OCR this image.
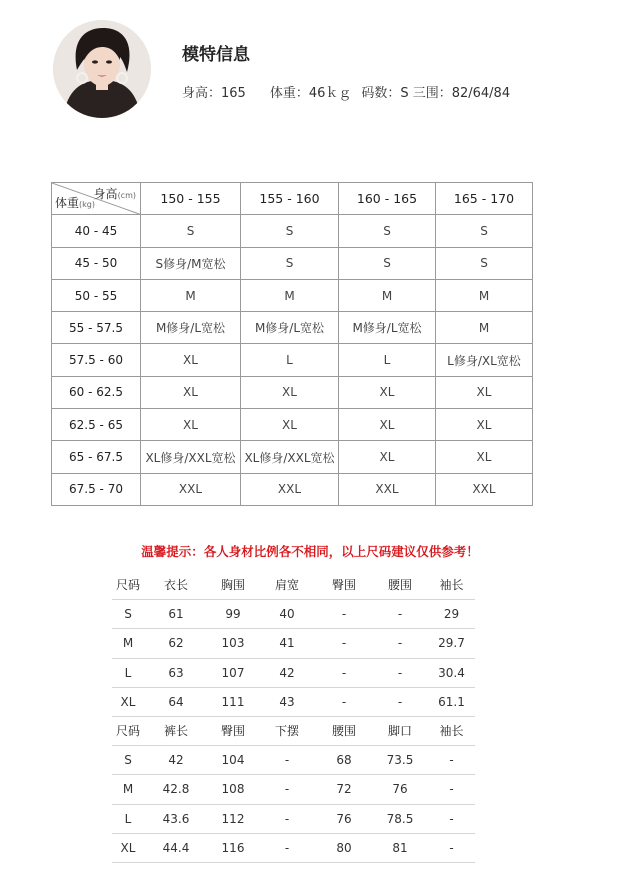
模特信息
身高：165 体重：46ｋｇ 码数：S 三围：82/64/84
身高(cm)
体重(kg)	150 - 155	155 - 160	160 - 165	165 - 170
40 - 45	S	S	S	S
45 - 50	S修身/M宽松	S	S	S
50 - 55	M	M	M	M
55 - 57.5	M修身/L宽松	M修身/L宽松	M修身/L宽松	M
57.5 - 60	XL	L	L	L修身/XL宽松
60 - 62.5	XL	XL	XL	XL
62.5 - 65	XL	XL	XL	XL
65 - 67.5	XL修身/XXL宽松	XL修身/XXL宽松	XL	XL
67.5 - 70	XXL	XXL	XXL	XXL
温馨提示：各人身材比例各不相同，以上尺码建议仅供参考！
尺码	衣长	胸围	肩宽	臀围	腰围	袖长
S	61	99	40	-	-	29
M	62	103	41	-	-	29.7
L	63	107	42	-	-	30.4
XL	64	111	43	-	-	61.1
尺码	裤长	臀围	下摆	腰围	脚口	袖长
S	42	104	-	68	73.5	-
M	42.8	108	-	72	76	-
L	43.6	112	-	76	78.5	-
XL	44.4	116	-	80	81	-
